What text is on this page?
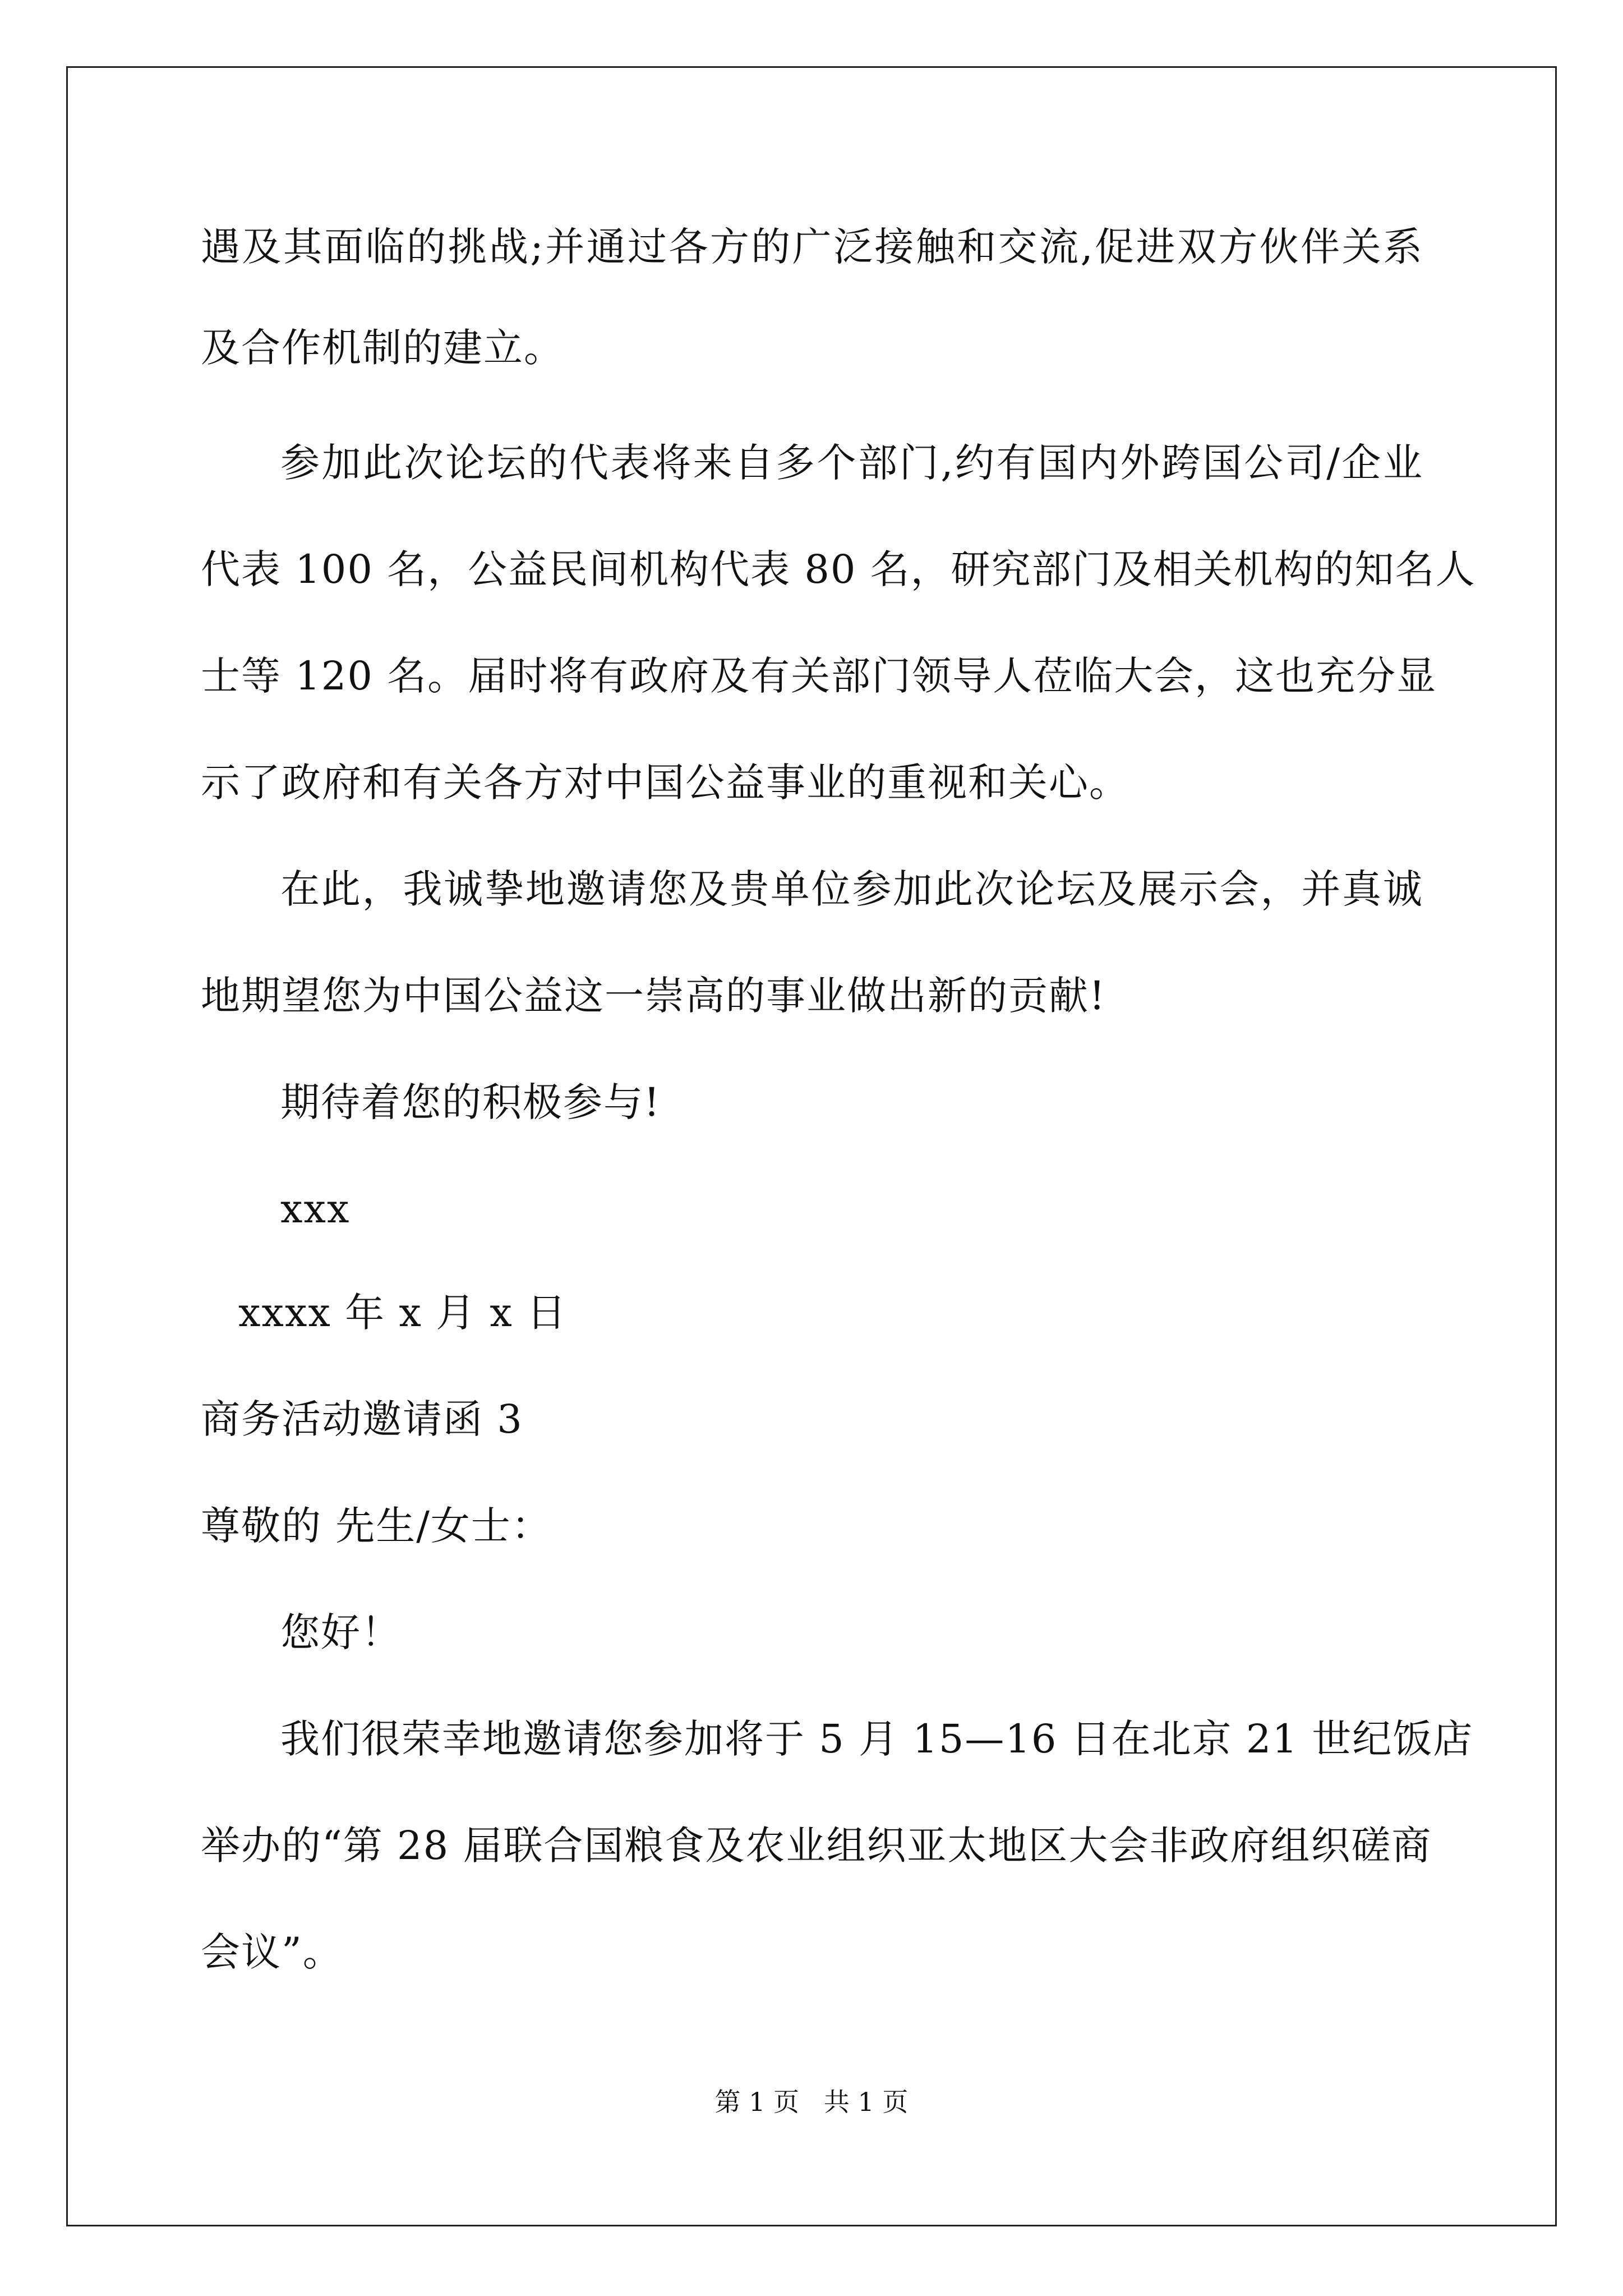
遇及其面临的挑战;并通过各方的广泛接触和交流,促进双方伙伴关系
及合作机制的建立。
参加此次论坛的代表将来自多个部门,约有国内外跨国公司/企业
代表 100 名，公益民间机构代表 80 名，研究部门及相关机构的知名人
士等 120 名。届时将有政府及有关部门领导人莅临大会，这也充分显
示了政府和有关各方对中国公益事业的重视和关心。
在此，我诚挚地邀请您及贵单位参加此次论坛及展示会，并真诚
地期望您为中国公益这一崇高的事业做出新的贡献!
期待着您的积极参与!
xxx
xxxx 年 x 月 x 日
商务活动邀请函 3
尊敬的 先生/女士：
您好！
我们很荣幸地邀请您参加将于 5 月 15—16 日在北京 21 世纪饭店
举办的“第 28 届联合国粮食及农业组织亚太地区大会非政府组织磋商
会议”。
第 1 页   共 1 页
